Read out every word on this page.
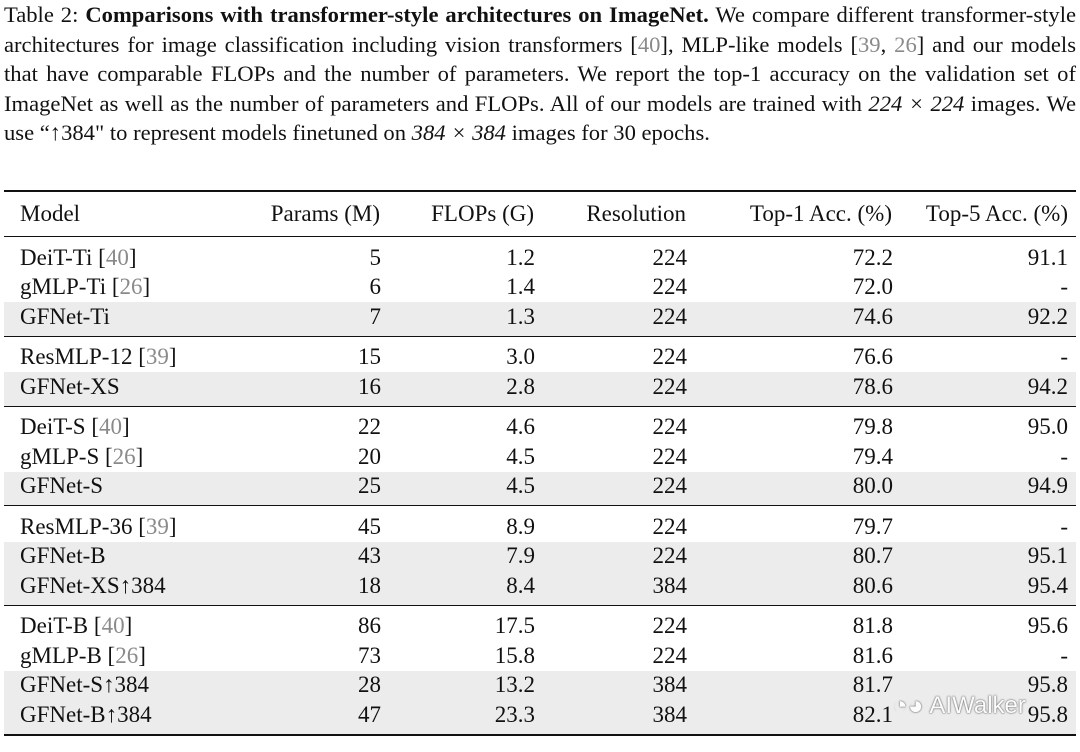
Table 2: Comparisons with transformer-style architectures on ImageNet. We compare different transformer-style architectures for image classification including vision transformers [40], MLP-like models [39, 26] and our models that have comparable FLOPs and the number of parameters. We report the top-1 accuracy on the validation set of ImageNet as well as the number of parameters and FLOPs. All of our models are trained with 224 × 224 images. We use “↑384" to represent models finetuned on 384 × 384 images for 30 epochs.
Model	Params (M)	FLOPs (G)	Resolution	Top-1 Acc. (%)	Top-5 Acc. (%)
DeiT-Ti [40]	5	1.2	224	72.2	91.1
gMLP-Ti [26]	6	1.4	224	72.0	-
GFNet-Ti	7	1.3	224	74.6	92.2
ResMLP-12 [39]	15	3.0	224	76.6	-
GFNet-XS	16	2.8	224	78.6	94.2
DeiT-S [40]	22	4.6	224	79.8	95.0
gMLP-S [26]	20	4.5	224	79.4	-
GFNet-S	25	4.5	224	80.0	94.9
ResMLP-36 [39]	45	8.9	224	79.7	-
GFNet-B	43	7.9	224	80.7	95.1
GFNet-XS↑384	18	8.4	384	80.6	95.4
DeiT-B [40]	86	17.5	224	81.8	95.6
gMLP-B [26]	73	15.8	224	81.6	-
GFNet-S↑384	28	13.2	384	81.7	95.8
GFNet-B↑384	47	23.3	384	82.1	95.8
◔◕ AIWalker
